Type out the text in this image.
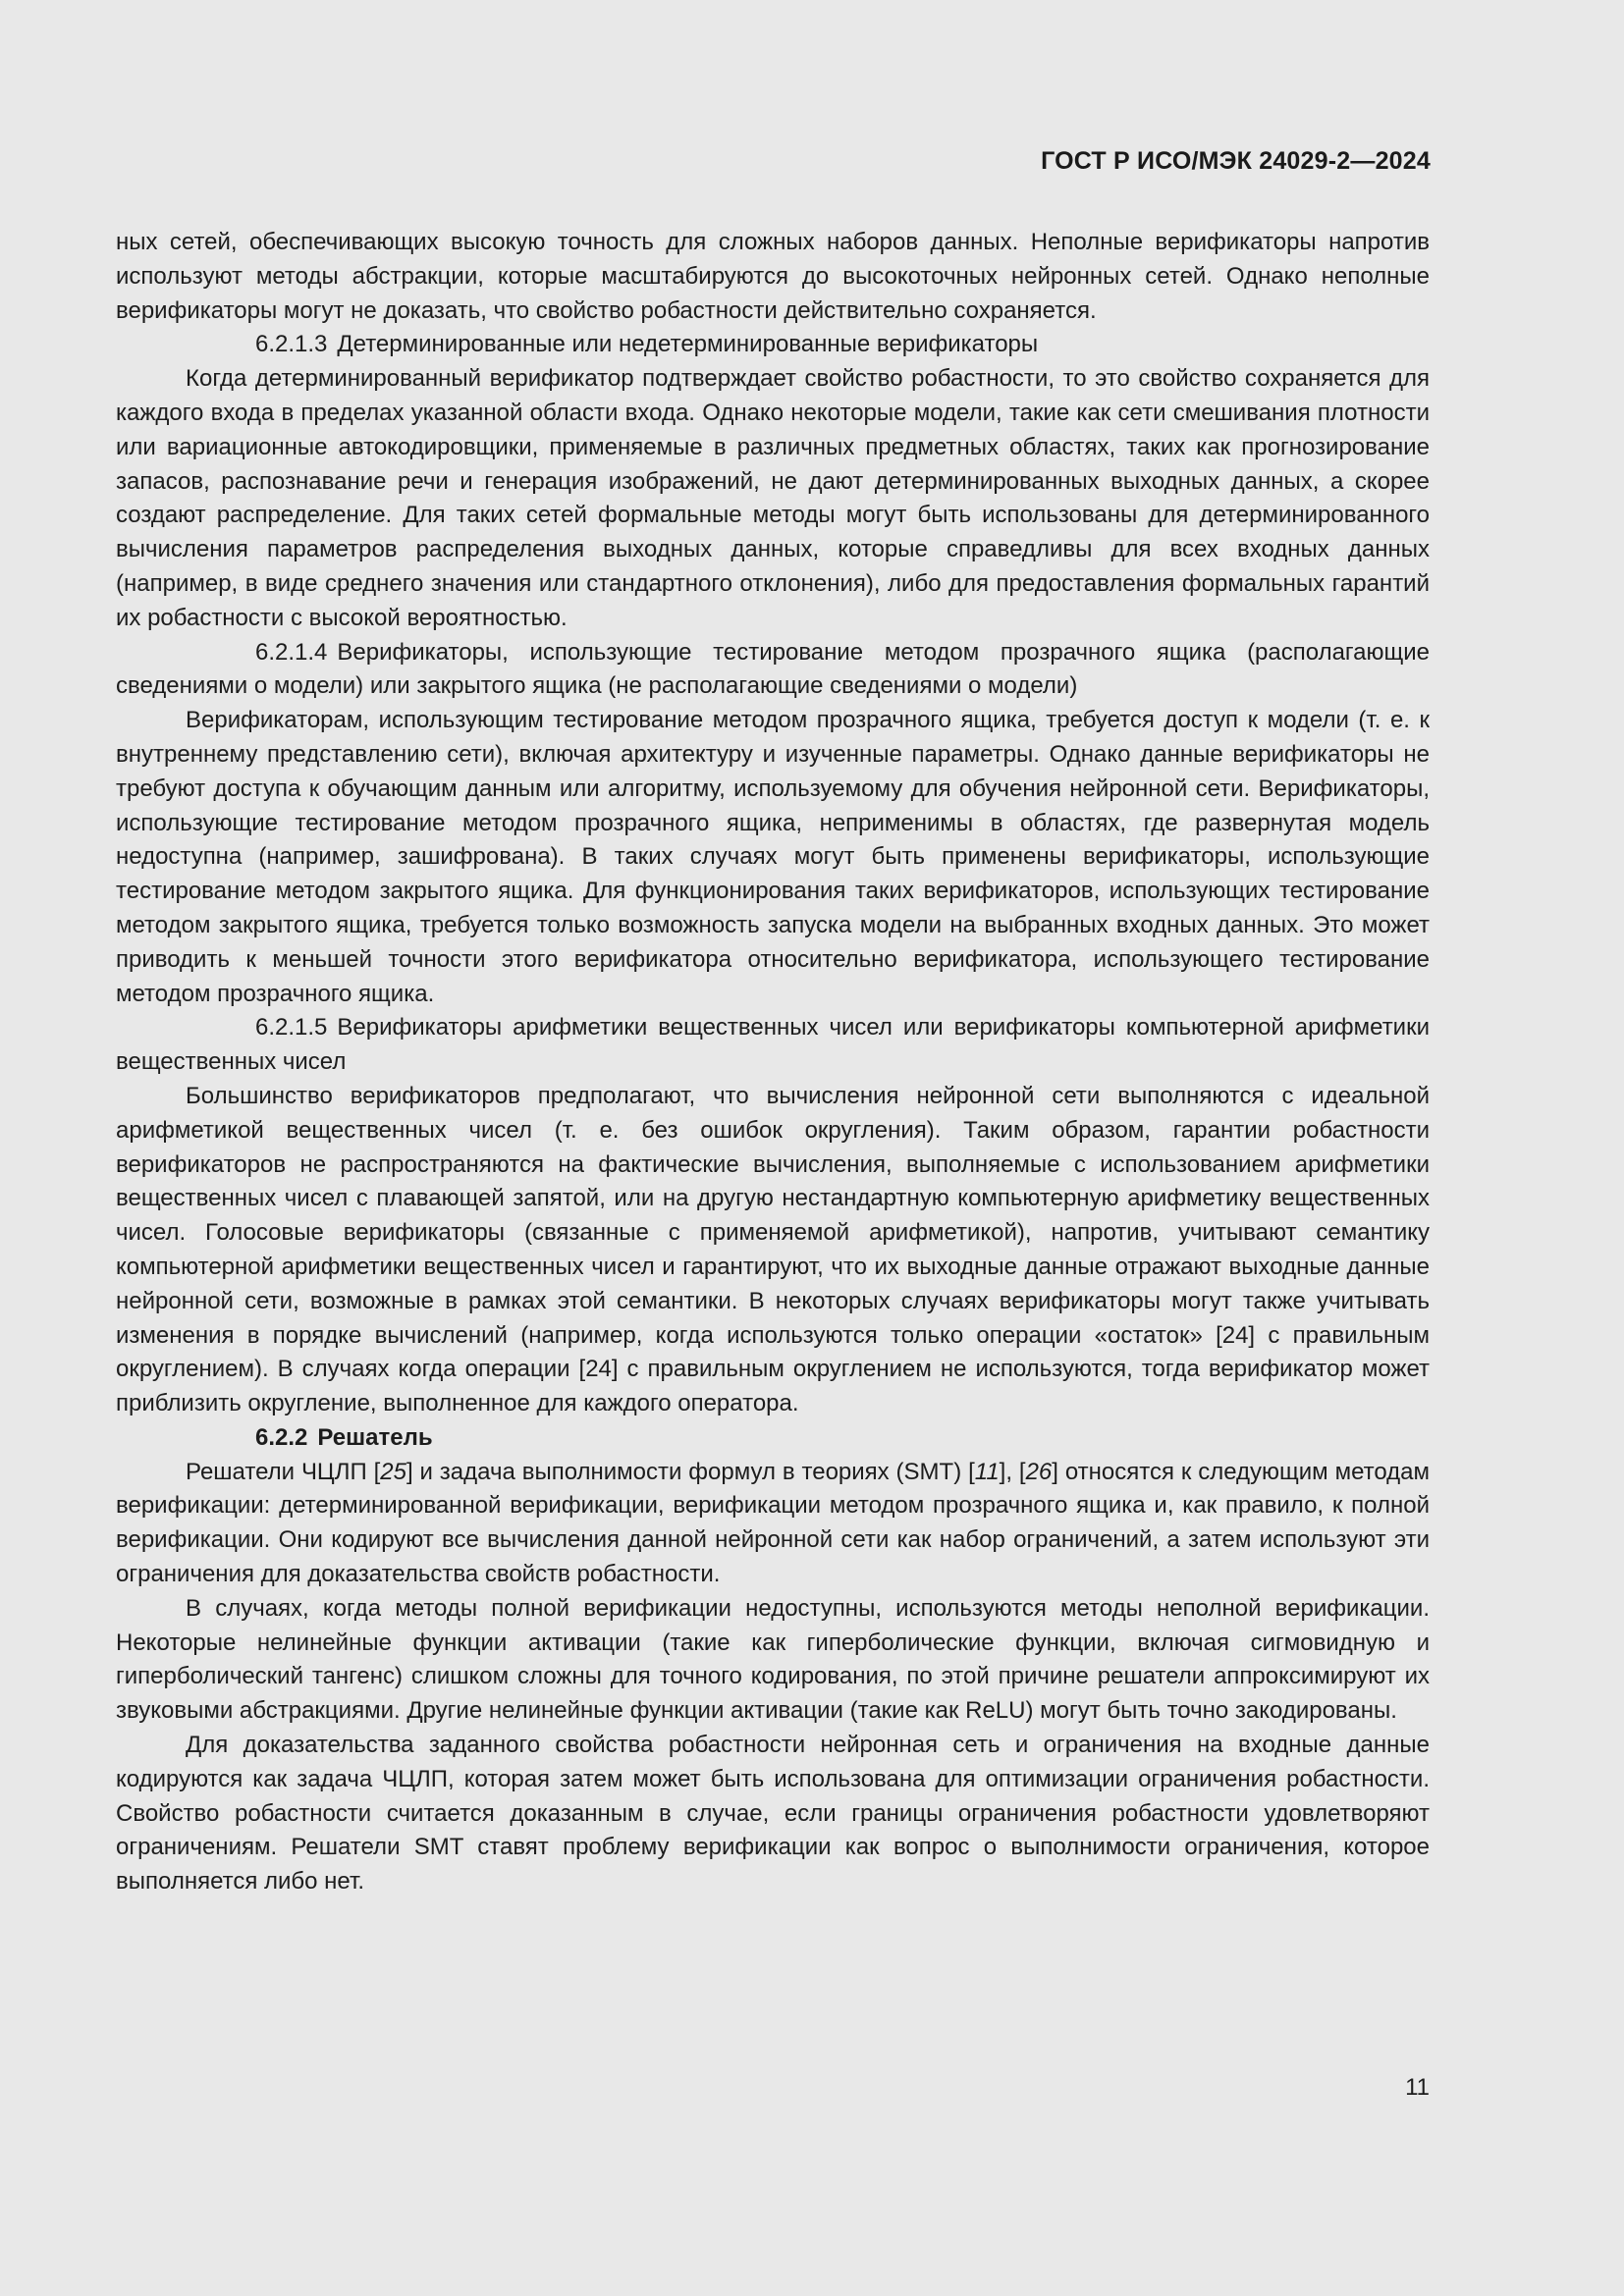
ГОСТ Р ИСО/МЭК 24029-2—2024

ных сетей, обеспечивающих высокую точность для сложных наборов данных. Неполные верификаторы напротив используют методы абстракции, которые масштабируются до высокоточных нейронных сетей. Однако неполные верификаторы могут не доказать, что свойство робастности действительно сохраняется.

6.2.1.3 Детерминированные или недетерминированные верификаторы

Когда детерминированный верификатор подтверждает свойство робастности, то это свойство сохраняется для каждого входа в пределах указанной области входа. Однако некоторые модели, такие как сети смешивания плотности или вариационные автокодировщики, применяемые в различных предметных областях, таких как прогнозирование запасов, распознавание речи и генерация изображений, не дают детерминированных выходных данных, а скорее создают распределение. Для таких сетей формальные методы могут быть использованы для детерминированного вычисления параметров распределения выходных данных, которые справедливы для всех входных данных (например, в виде среднего значения или стандартного отклонения), либо для предоставления формальных гарантий их робастности с высокой вероятностью.

6.2.1.4 Верификаторы, использующие тестирование методом прозрачного ящика (располагающие сведениями о модели) или закрытого ящика (не располагающие сведениями о модели)

Верификаторам, использующим тестирование методом прозрачного ящика, требуется доступ к модели (т. е. к внутреннему представлению сети), включая архитектуру и изученные параметры. Однако данные верификаторы не требуют доступа к обучающим данным или алгоритму, используемому для обучения нейронной сети. Верификаторы, использующие тестирование методом прозрачного ящика, неприменимы в областях, где развернутая модель недоступна (например, зашифрована). В таких случаях могут быть применены верификаторы, использующие тестирование методом закрытого ящика. Для функционирования таких верификаторов, использующих тестирование методом закрытого ящика, требуется только возможность запуска модели на выбранных входных данных. Это может приводить к меньшей точности этого верификатора относительно верификатора, использующего тестирование методом прозрачного ящика.

6.2.1.5 Верификаторы арифметики вещественных чисел или верификаторы компьютерной арифметики вещественных чисел

Большинство верификаторов предполагают, что вычисления нейронной сети выполняются с идеальной арифметикой вещественных чисел (т. е. без ошибок округления). Таким образом, гарантии робастности верификаторов не распространяются на фактические вычисления, выполняемые с использованием арифметики вещественных чисел с плавающей запятой, или на другую нестандартную компьютерную арифметику вещественных чисел. Голосовые верификаторы (связанные с применяемой арифметикой), напротив, учитывают семантику компьютерной арифметики вещественных чисел и гарантируют, что их выходные данные отражают выходные данные нейронной сети, возможные в рамках этой семантики. В некоторых случаях верификаторы могут также учитывать изменения в порядке вычислений (например, когда используются только операции «остаток» [24] с правильным округлением). В случаях когда операции [24] с правильным округлением не используются, тогда верификатор может приблизить округление, выполненное для каждого оператора.

6.2.2 Решатель

Решатели ЧЦЛП [25] и задача выполнимости формул в теориях (SMT) [11], [26] относятся к следующим методам верификации: детерминированной верификации, верификации методом прозрачного ящика и, как правило, к полной верификации. Они кодируют все вычисления данной нейронной сети как набор ограничений, а затем используют эти ограничения для доказательства свойств робастности.

В случаях, когда методы полной верификации недоступны, используются методы неполной верификации. Некоторые нелинейные функции активации (такие как гиперболические функции, включая сигмовидную и гиперболический тангенс) слишком сложны для точного кодирования, по этой причине решатели аппроксимируют их звуковыми абстракциями. Другие нелинейные функции активации (такие как ReLU) могут быть точно закодированы.

Для доказательства заданного свойства робастности нейронная сеть и ограничения на входные данные кодируются как задача ЧЦЛП, которая затем может быть использована для оптимизации ограничения робастности. Свойство робастности считается доказанным в случае, если границы ограничения робастности удовлетворяют ограничениям. Решатели SMT ставят проблему верификации как вопрос о выполнимости ограничения, которое выполняется либо нет.

11
